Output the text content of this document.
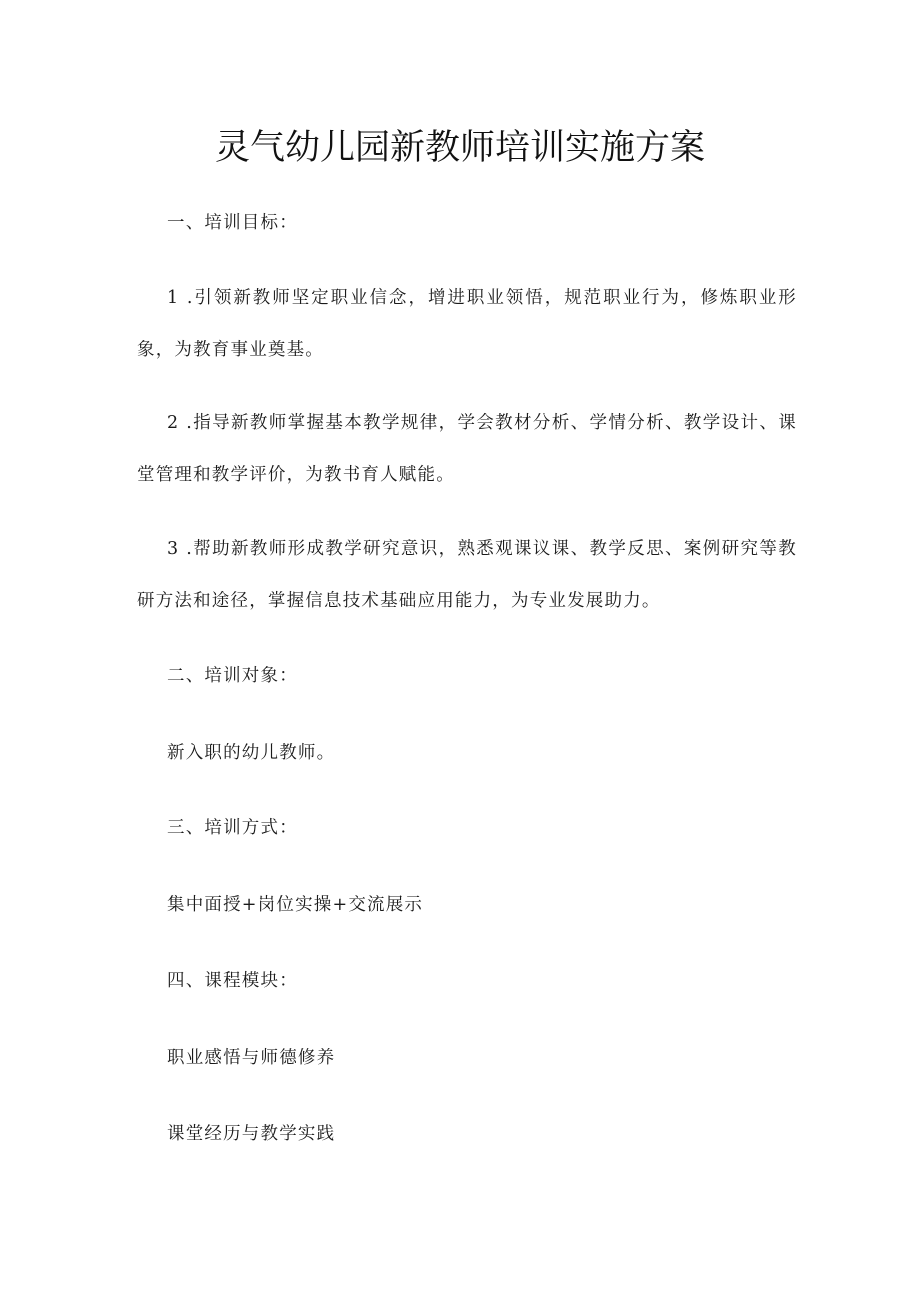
灵气幼儿园新教师培训实施方案

一、培训目标：

1 .引领新教师坚定职业信念，增进职业领悟，规范职业行为，修炼职业形象，为教育事业奠基。

2 .指导新教师掌握基本教学规律，学会教材分析、学情分析、教学设计、课堂管理和教学评价，为教书育人赋能。

3 .帮助新教师形成教学研究意识，熟悉观课议课、教学反思、案例研究等教研方法和途径，掌握信息技术基础应用能力，为专业发展助力。

二、培训对象：

新入职的幼儿教师。

三、培训方式：

集中面授+岗位实操+交流展示

四、课程模块：

职业感悟与师德修养

课堂经历与教学实践
